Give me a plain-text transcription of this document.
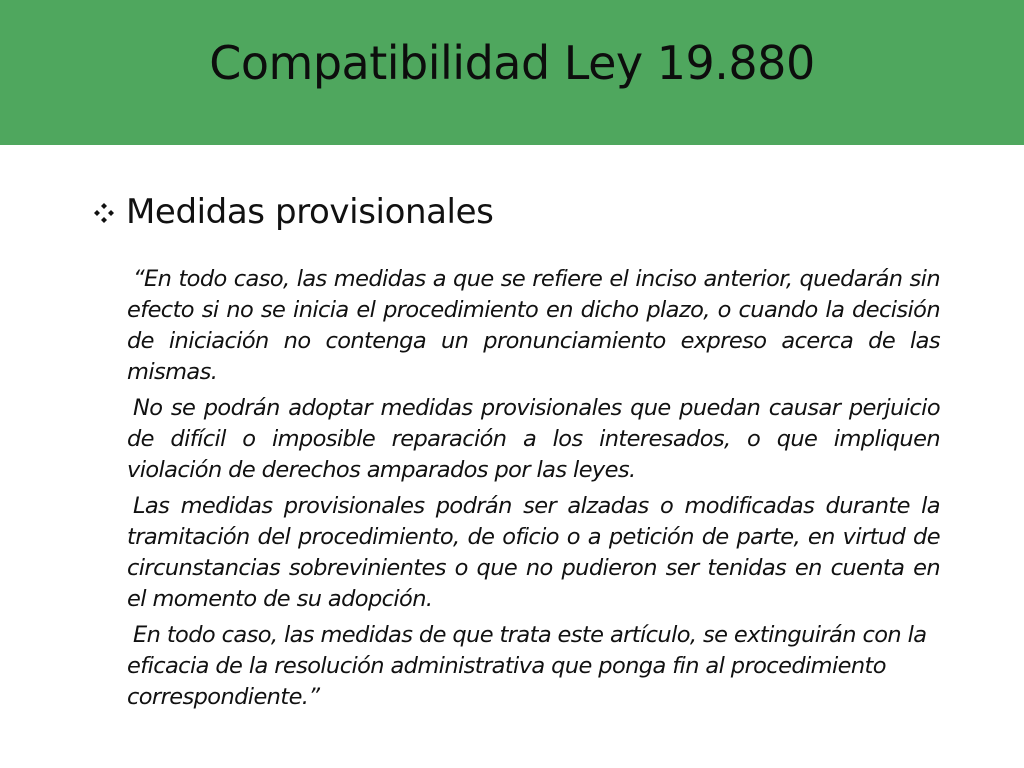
Compatibilidad Ley 19.880
Medidas provisionales

“En todo caso, las medidas a que se refiere el inciso anterior, quedarán sin efecto si no se inicia el procedimiento en dicho plazo, o cuando la decisión de iniciación no contenga un pronunciamiento expreso acerca de las mismas.

No se podrán adoptar medidas provisionales que puedan causar perjuicio de difícil o imposible reparación a los interesados, o que impliquen violación de derechos amparados por las leyes.

Las medidas provisionales podrán ser alzadas o modificadas durante la tramitación del procedimiento, de oficio o a petición de parte, en virtud de circunstancias sobrevinientes o que no pudieron ser tenidas en cuenta en el momento de su adopción.

En todo caso, las medidas de que trata este artículo, se extinguirán con la eficacia de la resolución administrativa que ponga fin al procedimiento correspondiente.”
